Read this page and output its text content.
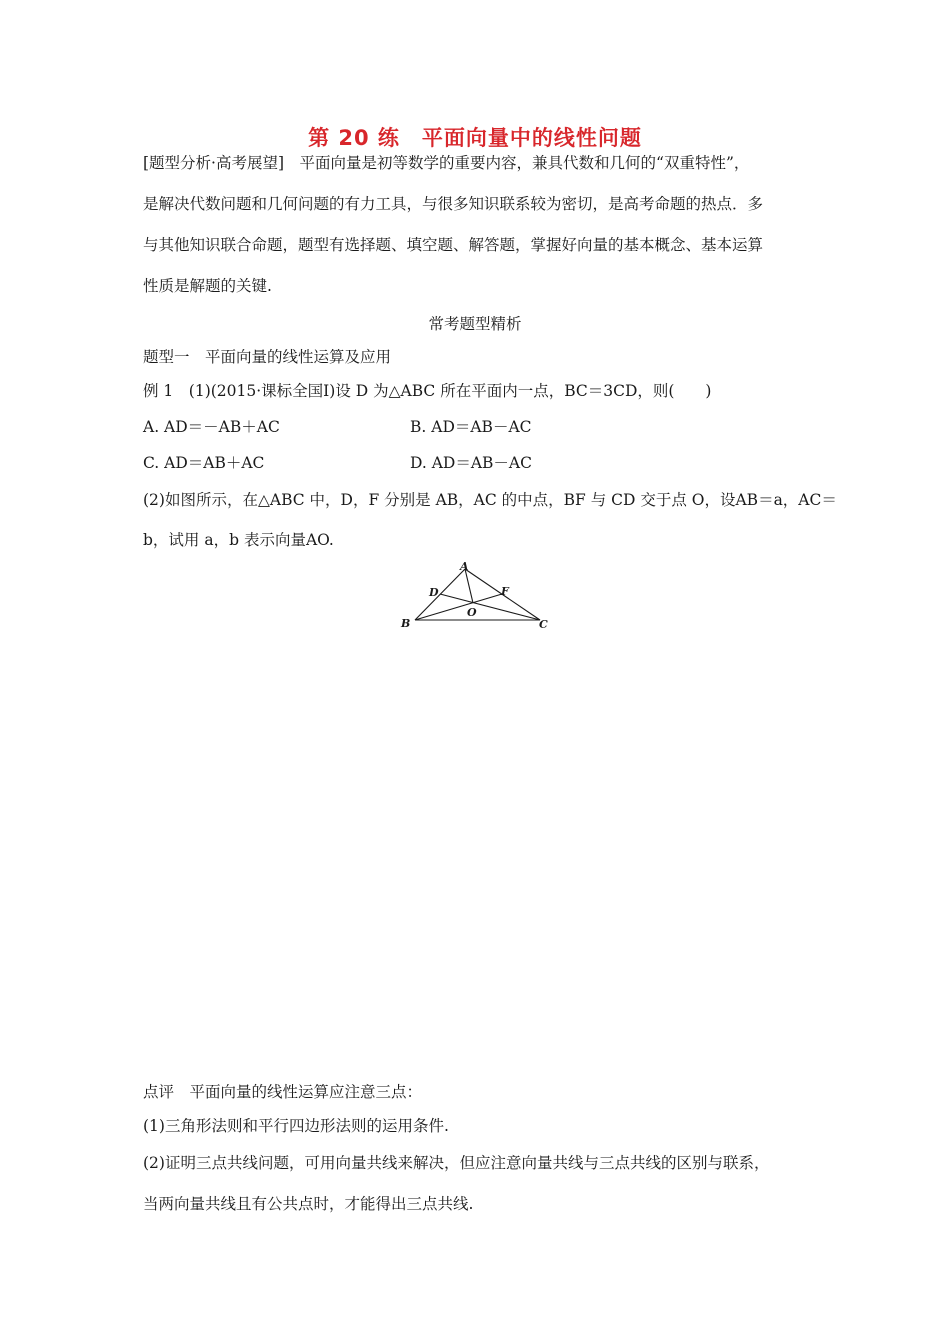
第 20 练　平面向量中的线性问题
[题型分析·高考展望]　平面向量是初等数学的重要内容，兼具代数和几何的“双重特性”，
是解决代数问题和几何问题的有力工具，与很多知识联系较为密切，是高考命题的热点．多
与其他知识联合命题，题型有选择题、填空题、解答题，掌握好向量的基本概念、基本运算
性质是解题的关键.
常考题型精析
题型一　平面向量的线性运算及应用
例 1　(1)(2015·课标全国Ⅰ)设 D 为△ABC 所在平面内一点，BC＝3CD，则(　　)
A. AD＝－AB＋AC	B. AD＝AB－AC
C. AD＝AB＋AC	D. AD＝AB－AC
(2)如图所示，在△ABC 中，D，F 分别是 AB，AC 的中点，BF 与 CD 交于点 O，设AB＝a，AC＝
b，试用 a，b 表示向量AO.
A
B	C
D	F
O
点评　平面向量的线性运算应注意三点：
(1)三角形法则和平行四边形法则的运用条件.
(2)证明三点共线问题，可用向量共线来解决，但应注意向量共线与三点共线的区别与联系，
当两向量共线且有公共点时，才能得出三点共线.
